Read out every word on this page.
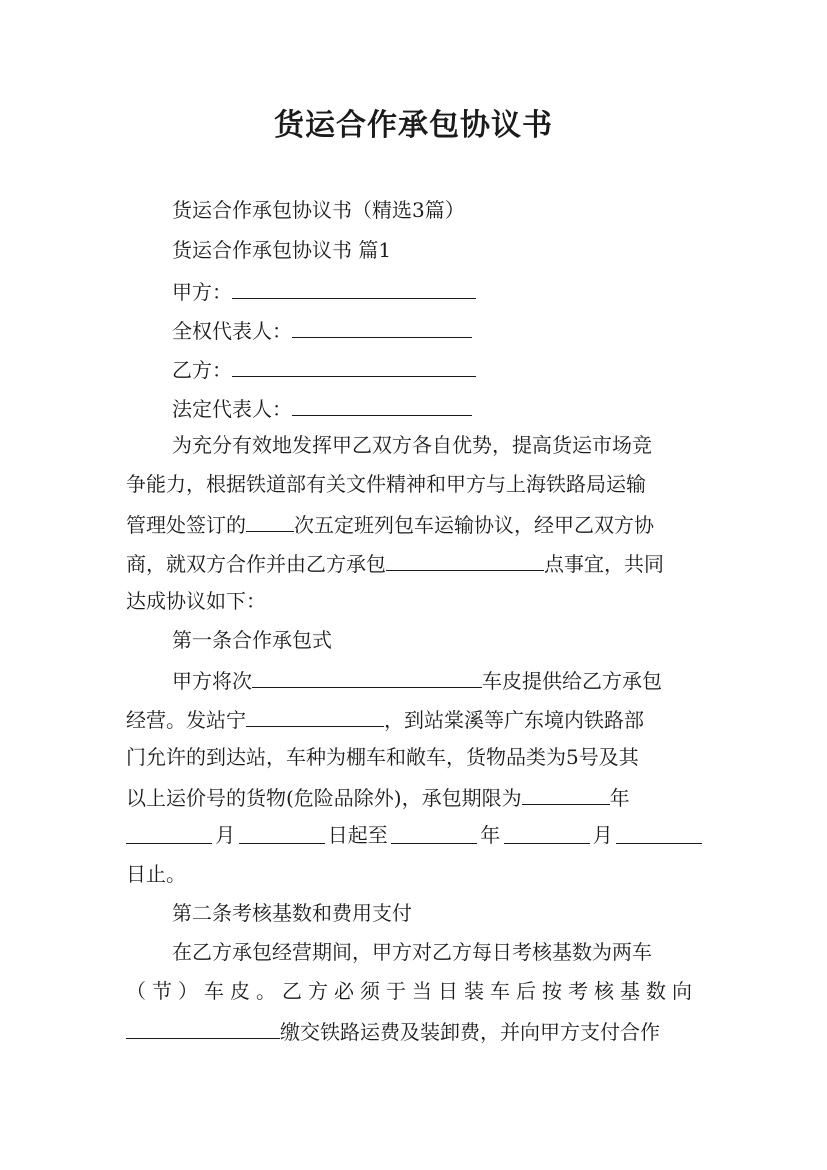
货运合作承包协议书
货运合作承包协议书（精选3篇）
货运合作承包协议书 篇1
甲方：
全权代表人：
乙方：
法定代表人：
为充分有效地发挥甲乙双方各自优势，提高货运市场竞
争能力，根据铁道部有关文件精神和甲方与上海铁路局运输
管理处签订的 次五定班列包车运输协议，经甲乙双方协
商，就双方合作并由乙方承包	点事宜，共同
达成协议如下：
第一条合作承包式
甲方将次	车皮提供给乙方承包
经营。发站宁	，到站棠溪等广东境内铁路部
门允许的到达站，车种为棚车和敞车，货物品类为5号及其
以上运价号的货物(危险品除外)，承包期限为	年
月	日起至	年	月
日止。
第二条考核基数和费用支付
在乙方承包经营期间，甲方对乙方每日考核基数为两车
（节）车皮。乙方必须于当日装车后按考核基数向
缴交铁路运费及装卸费，并向甲方支付合作
